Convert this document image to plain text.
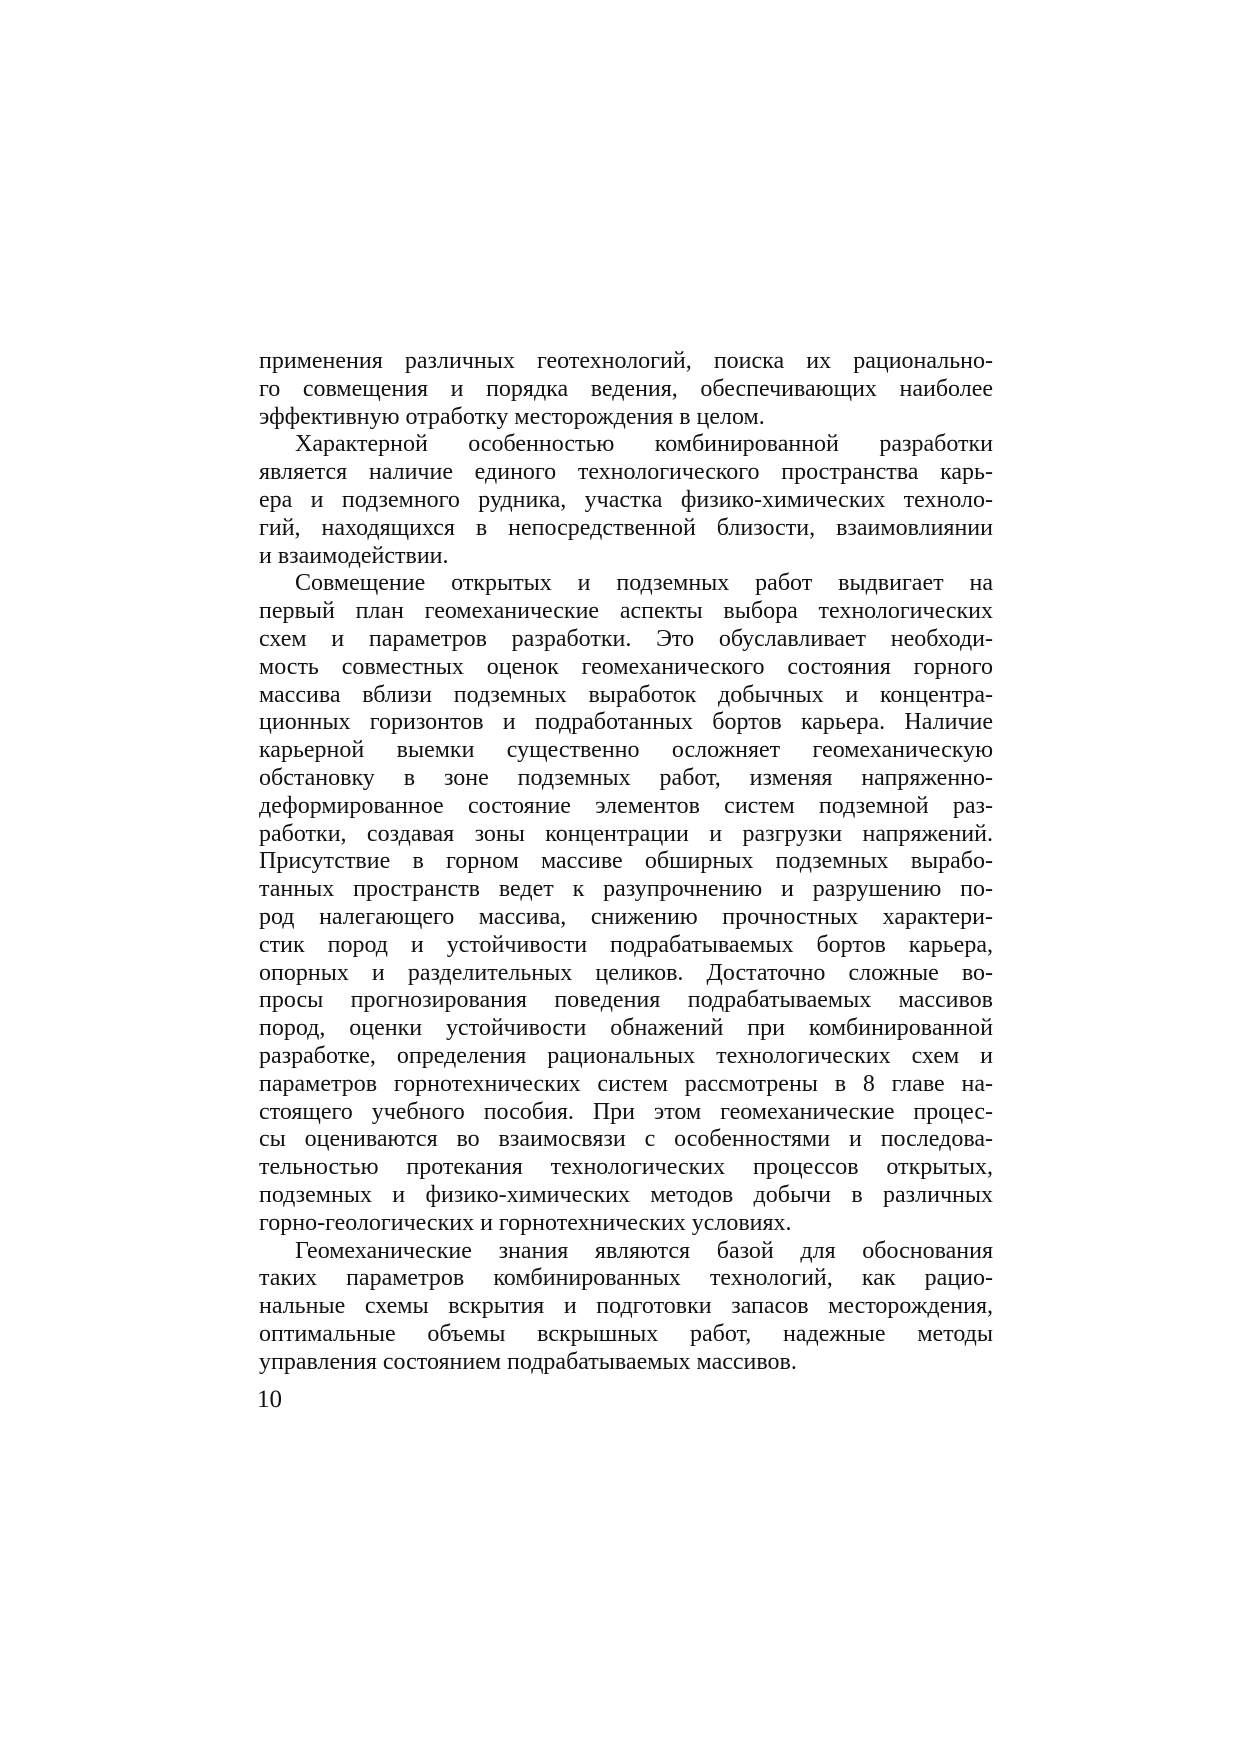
применения различных геотехнологий, поиска их рационально-
го совмещения и порядка ведения, обеспечивающих наиболее
эффективную отработку месторождения в целом.
Характерной особенностью комбинированной разработки
является наличие единого технологического пространства карь-
ера и подземного рудника, участка физико-химических техноло-
гий, находящихся в непосредственной близости, взаимовлиянии
и взаимодействии.
Совмещение открытых и подземных работ выдвигает на
первый план геомеханические аспекты выбора технологических
схем и параметров разработки. Это обуславливает необходи-
мость совместных оценок геомеханического состояния горного
массива вблизи подземных выработок добычных и концентра-
ционных горизонтов и подработанных бортов карьера. Наличие
карьерной выемки существенно осложняет геомеханическую
обстановку в зоне подземных работ, изменяя напряженно-
деформированное состояние элементов систем подземной раз-
работки, создавая зоны концентрации и разгрузки напряжений.
Присутствие в горном массиве обширных подземных вырабо-
танных пространств ведет к разупрочнению и разрушению по-
род налегающего массива, снижению прочностных характери-
стик пород и устойчивости подрабатываемых бортов карьера,
опорных и разделительных целиков. Достаточно сложные во-
просы прогнозирования поведения подрабатываемых массивов
пород, оценки устойчивости обнажений при комбинированной
разработке, определения рациональных технологических схем и
параметров горнотехнических систем рассмотрены в 8 главе на-
стоящего учебного пособия. При этом геомеханические процес-
сы оцениваются во взаимосвязи с особенностями и последова-
тельностью протекания технологических процессов открытых,
подземных и физико-химических методов добычи в различных
горно-геологических и горнотехнических условиях.
Геомеханические знания являются базой для обоснования
таких параметров комбинированных технологий, как рацио-
нальные схемы вскрытия и подготовки запасов месторождения,
оптимальные объемы вскрышных работ, надежные методы
управления состоянием подрабатываемых массивов.
10
